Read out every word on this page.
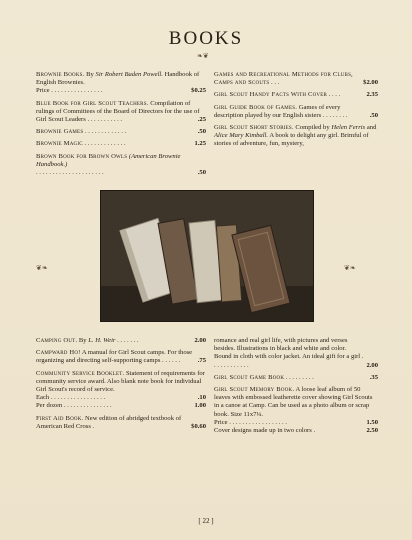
BOOKS
❧❦
Brownie Books. By Sir Robert Baden Powell. Handbook of English Brownies.
Price . . . . . . . . . . . . . . . .	$0.25
Blue Book for Girl Scout Teachers. Compilation of rulings of Committees of the Board of Directors for the use of
Girl Scout Leaders . . . . . . . . . . .	.25
Brownie Games . . . . . . . . . . . . .	.50
Brownie Magic . . . . . . . . . . . . .	1.25
Brown Book for Brown Owls (American Brownie Handbook.)
. . . . . . . . . . . . . . . . . . . . .	.50
Games and Recreational Methods for Clubs, Camps and Scouts . . .	$2.00
Girl Scout Handy Facts With Cover . . . .	2.35
Girl Guide Book of Games. Games of every description played by our English sisters . . . . . . . .	.50
Girl Scout Short Stories. Compiled by Helen Ferris and Alice Mary Kimball. A book to delight any girl. Brimful of stories of adventure, fun, mystery,
❦❧	❦❧
Camping Out. By L. H. Weir . . . . . . .	2.00
Campward Ho! A manual for Girl Scout camps. For those organizing and directing self-supporting camps . . . . . .	.75
Community Service Booklet. Statement of requirements for community service award. Also blank note book for individual Girl Scout's record of service.
Each . . . . . . . . . . . . . . . . .	.10
Per dozen . . . . . . . . . . . . . . .	1.00
First Aid Book. New edition of abridged textbook of American Red Cross .	$0.60
romance and real girl life, with pictures and verses besides. Illustrations in black and white and color. Bound in cloth with color jacket. An ideal gift for a girl . . . . . . . . . . . .	2.00
Girl Scout Game Book . . . . . . . . .	.35
Girl Scout Memory Book. A loose leaf album of 50 leaves with embossed leatherette cover showing Girl Scouts in a canoe at Camp. Can be used as a photo album or scrap book. Size 11x7¼.
Price . . . . . . . . . . . . . . . . . .	1.50
Cover designs made up in two colors .	2.50
[ 22 ]
